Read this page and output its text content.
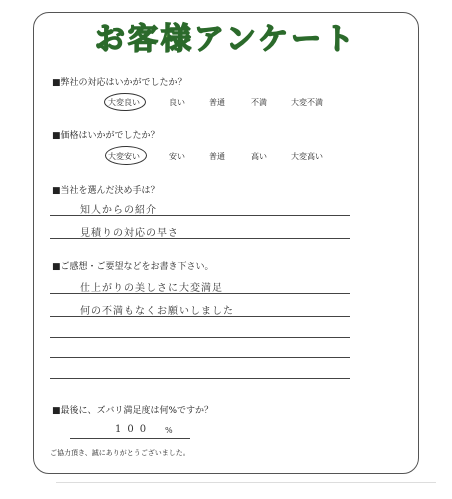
お客様アンケート
■弊社の対応はいかがでしたか？
大変良い	良い	普通	不満	大変不満
■価格はいかがでしたか？
大変安い	安い	普通	高い	大変高い
■当社を選んだ決め手は？
知人からの紹介
見積りの対応の早さ
■ご感想・ご要望などをお書き下さい。
仕上がりの美しさに大変満足
何の不満もなくお願いしました
■最後に、ズバリ満足度は何%ですか？
100 %
ご協力頂き、誠にありがとうございました。
